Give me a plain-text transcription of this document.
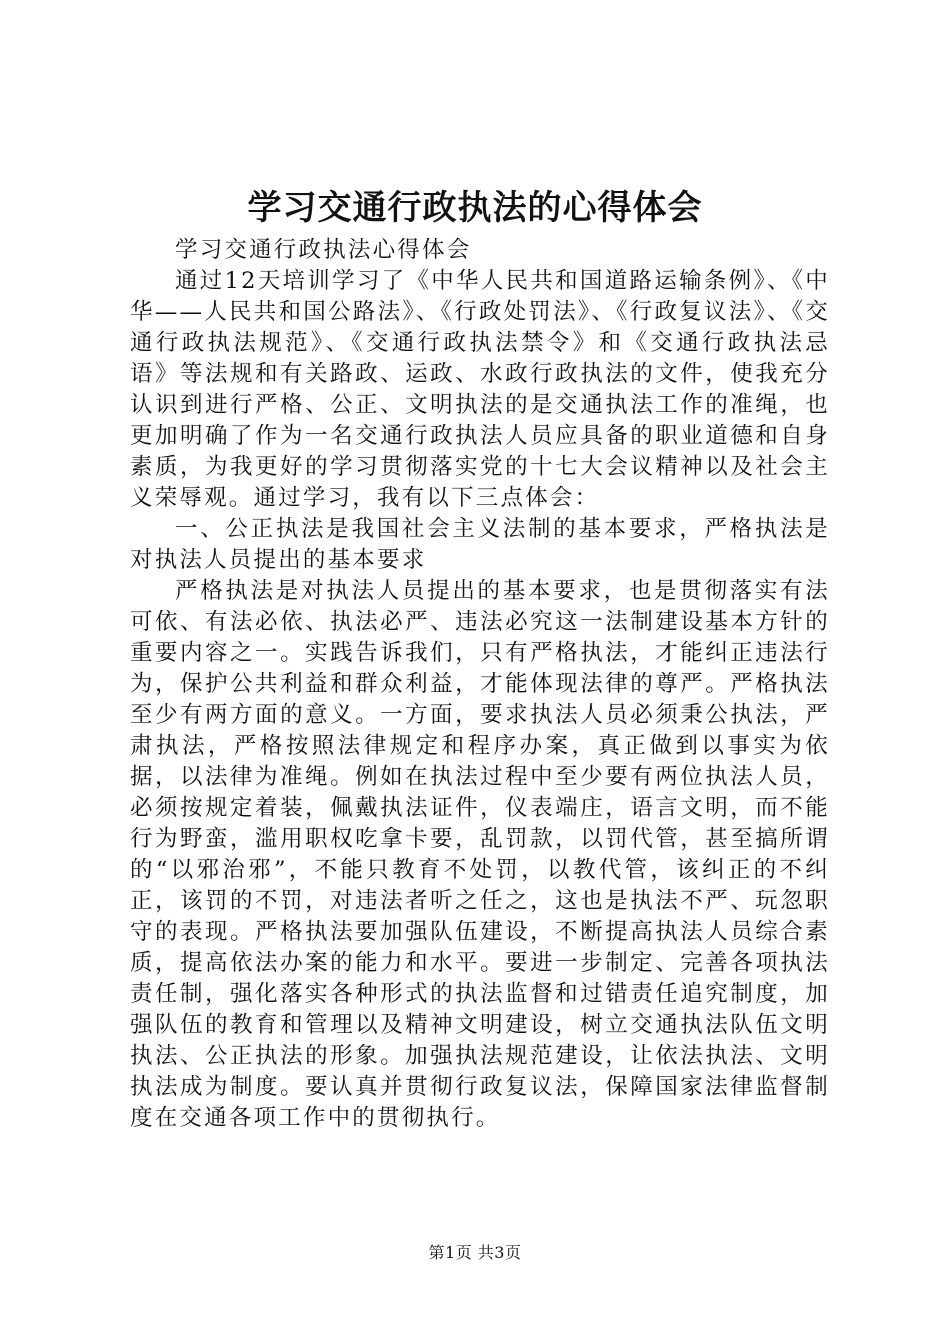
学习交通行政执法的心得体会

学习交通行政执法心得体会

通过12天培训学习了《中华人民共和国道路运输条例》、《中华——人民共和国公路法》、《行政处罚法》、《行政复议法》、《交通行政执法规范》、《交通行政执法禁令》和《交通行政执法忌语》等法规和有关路政、运政、水政行政执法的文件，使我充分认识到进行严格、公正、文明执法的是交通执法工作的准绳，也更加明确了作为一名交通行政执法人员应具备的职业道德和自身素质，为我更好的学习贯彻落实党的十七大会议精神以及社会主义荣辱观。通过学习，我有以下三点体会：

一、公正执法是我国社会主义法制的基本要求，严格执法是对执法人员提出的基本要求

严格执法是对执法人员提出的基本要求，也是贯彻落实有法可依、有法必依、执法必严、违法必究这一法制建设基本方针的重要内容之一。实践告诉我们，只有严格执法，才能纠正违法行为，保护公共利益和群众利益，才能体现法律的尊严。严格执法至少有两方面的意义。一方面，要求执法人员必须秉公执法，严肃执法，严格按照法律规定和程序办案，真正做到以事实为依据，以法律为准绳。例如在执法过程中至少要有两位执法人员，必须按规定着装，佩戴执法证件，仪表端庄，语言文明，而不能行为野蛮，滥用职权吃拿卡要，乱罚款，以罚代管，甚至搞所谓的“以邪治邪”，不能只教育不处罚，以教代管，该纠正的不纠正，该罚的不罚，对违法者听之任之，这也是执法不严、玩忽职守的表现。严格执法要加强队伍建设，不断提高执法人员综合素质，提高依法办案的能力和水平。要进一步制定、完善各项执法责任制，强化落实各种形式的执法监督和过错责任追究制度，加强队伍的教育和管理以及精神文明建设，树立交通执法队伍文明执法、公正执法的形象。加强执法规范建设，让依法执法、文明执法成为制度。要认真并贯彻行政复议法，保障国家法律监督制度在交通各项工作中的贯彻执行。

第1页 共3页
